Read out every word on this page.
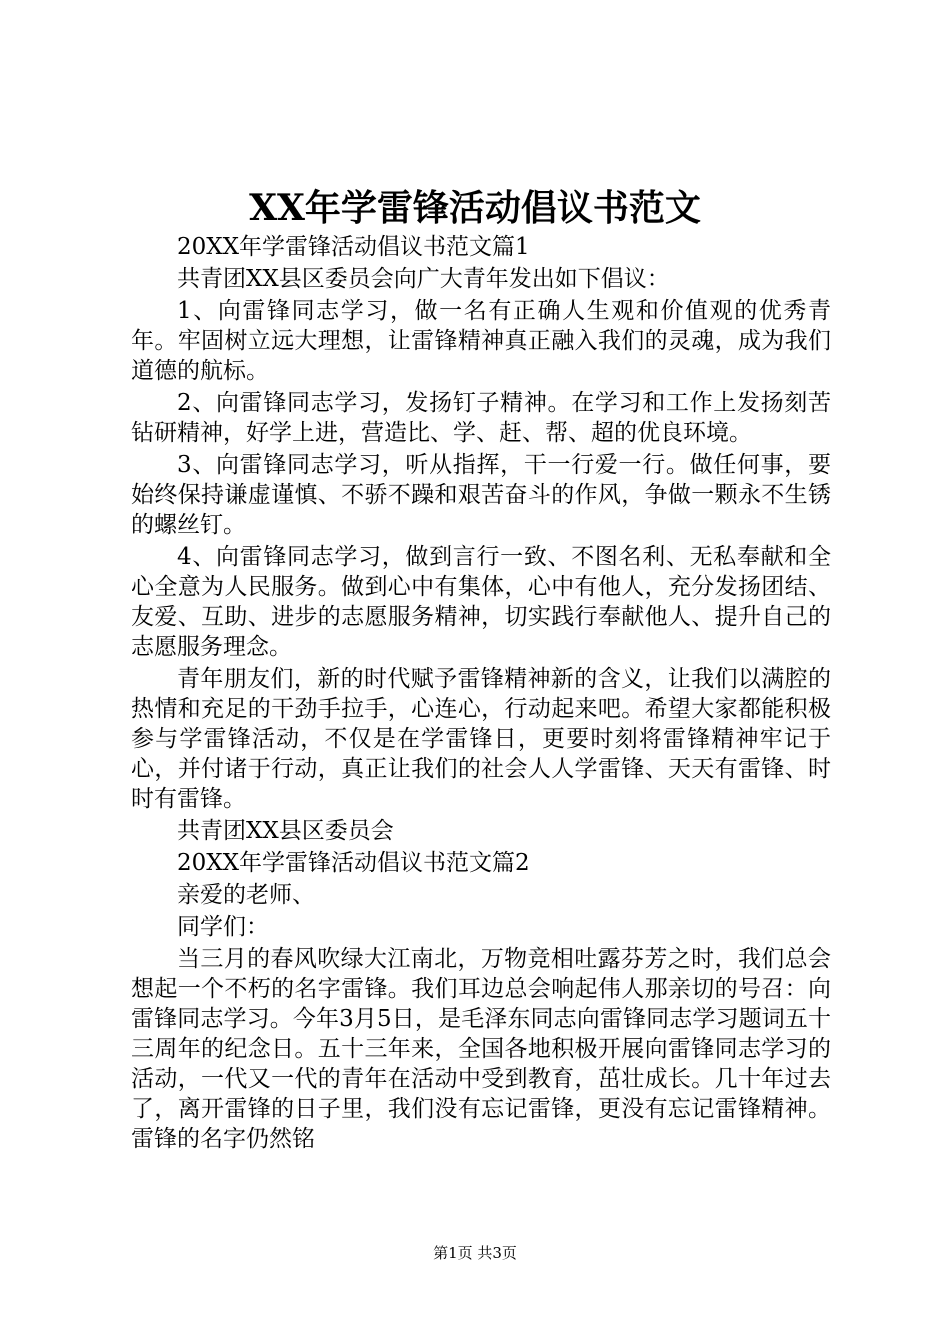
XX年学雷锋活动倡议书范文

20XX年学雷锋活动倡议书范文篇1

共青团XX县区委员会向广大青年发出如下倡议：

1、向雷锋同志学习，做一名有正确人生观和价值观的优秀青年。牢固树立远大理想，让雷锋精神真正融入我们的灵魂，成为我们道德的航标。

2、向雷锋同志学习，发扬钉子精神。在学习和工作上发扬刻苦钻研精神，好学上进，营造比、学、赶、帮、超的优良环境。

3、向雷锋同志学习，听从指挥，干一行爱一行。做任何事，要始终保持谦虚谨慎、不骄不躁和艰苦奋斗的作风，争做一颗永不生锈的螺丝钉。

4、向雷锋同志学习，做到言行一致、不图名利、无私奉献和全心全意为人民服务。做到心中有集体，心中有他人，充分发扬团结、友爱、互助、进步的志愿服务精神，切实践行奉献他人、提升自己的志愿服务理念。

青年朋友们，新的时代赋予雷锋精神新的含义，让我们以满腔的热情和充足的干劲手拉手，心连心，行动起来吧。希望大家都能积极参与学雷锋活动，不仅是在学雷锋日，更要时刻将雷锋精神牢记于心，并付诸于行动，真正让我们的社会人人学雷锋、天天有雷锋、时时有雷锋。

共青团XX县区委员会

20XX年学雷锋活动倡议书范文篇2

亲爱的老师、

同学们：

当三月的春风吹绿大江南北，万物竞相吐露芬芳之时，我们总会想起一个不朽的名字雷锋。我们耳边总会响起伟人那亲切的号召：向雷锋同志学习。今年3月5日，是毛泽东同志向雷锋同志学习题词五十三周年的纪念日。五十三年来，全国各地积极开展向雷锋同志学习的活动，一代又一代的青年在活动中受到教育，茁壮成长。几十年过去了，离开雷锋的日子里，我们没有忘记雷锋，更没有忘记雷锋精神。雷锋的名字仍然铭

第1页 共3页
